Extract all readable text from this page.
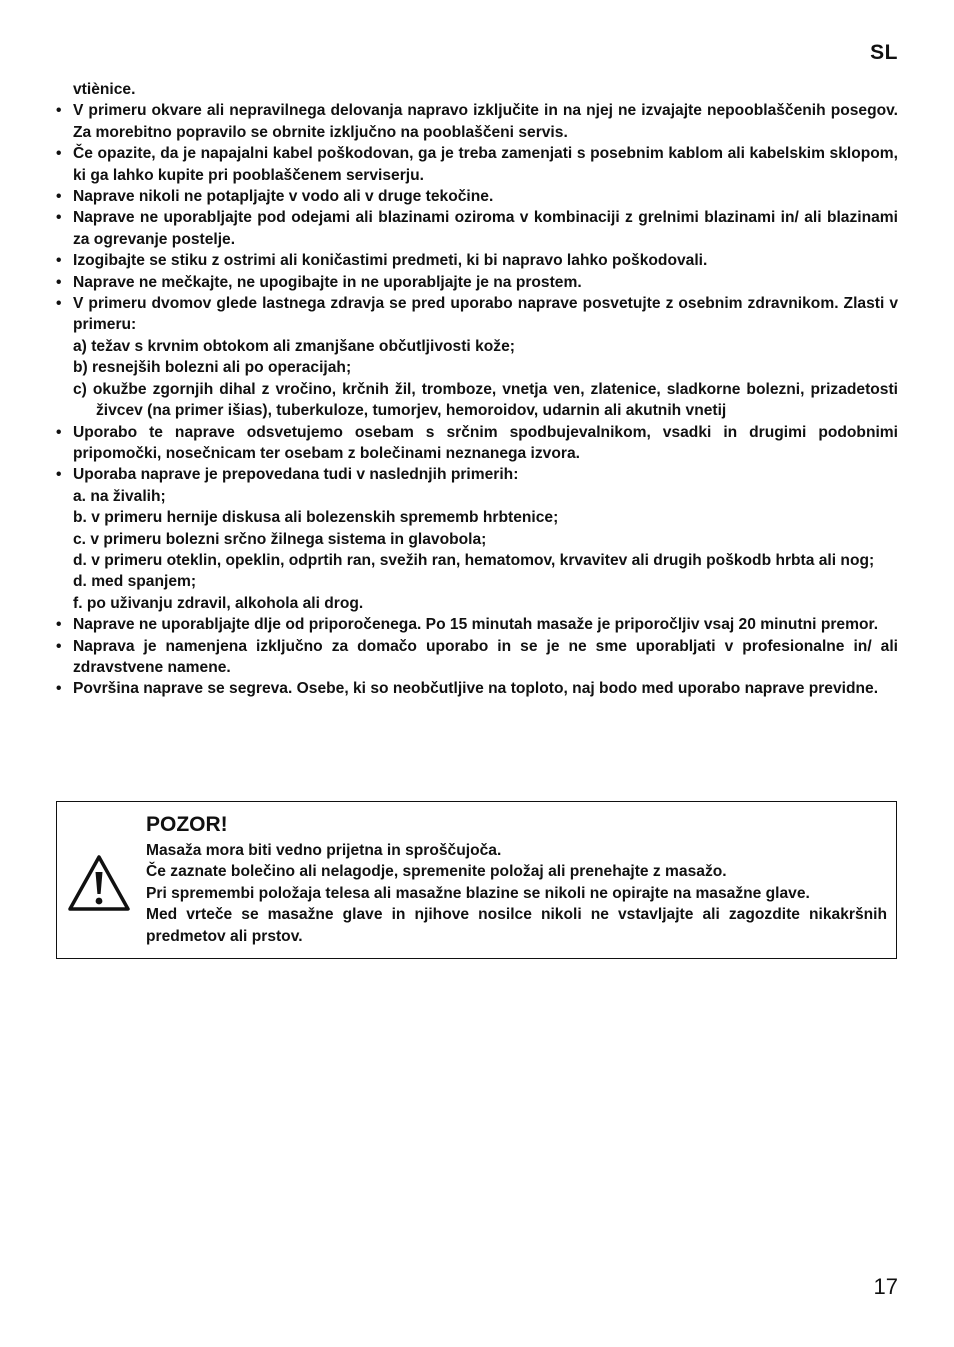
SL

vtiènice.

• V primeru okvare ali nepravilnega delovanja napravo izključite in na njej ne izvajajte nepooblaščenih posegov. Za morebitno popravilo se obrnite izključno na pooblaščeni servis.

• Če opazite, da je napajalni kabel poškodovan, ga je treba zamenjati s posebnim kablom ali kabelskim sklopom, ki ga lahko kupite pri pooblaščenem serviserju.

• Naprave nikoli ne potapljajte v vodo ali v druge tekočine.

• Naprave ne uporabljajte pod odejami ali blazinami oziroma v kombinaciji z grelnimi blazinami in/ ali blazinami za ogrevanje postelje.

• Izogibajte se stiku z ostrimi ali koničastimi predmeti, ki bi napravo lahko poškodovali.

• Naprave ne mečkajte, ne upogibajte in ne uporabljajte je na prostem.

• V primeru dvomov glede lastnega zdravja se pred uporabo naprave posvetujte z osebnim zdravnikom. Zlasti v primeru:

a) težav s krvnim obtokom ali zmanjšane občutljivosti kože;

b) resnejših bolezni ali po operacijah;

c) okužbe zgornjih dihal z vročino, krčnih žil, tromboze, vnetja ven, zlatenice, sladkorne bolezni, prizadetosti živcev (na primer išias), tuberkuloze, tumorjev, hemoroidov, udarnin ali akutnih vnetij

• Uporabo te naprave odsvetujemo osebam s srčnim spodbujevalnikom, vsadki in drugimi podobnimi pripomočki, nosečnicam ter osebam z bolečinami neznanega izvora.

• Uporaba naprave je prepovedana tudi v naslednjih primerih:

a. na živalih;

b. v primeru hernije diskusa ali bolezenskih sprememb hrbtenice;

c. v primeru bolezni srčno žilnega sistema in glavobola;

d. v primeru oteklin, opeklin, odprtih ran, svežih ran, hematomov, krvavitev ali drugih poškodb hrbta ali nog;

d. med spanjem;

f. po uživanju zdravil, alkohola ali drog.

• Naprave ne uporabljajte dlje od priporočenega. Po 15 minutah masaže je priporočljiv vsaj 20 minutni premor.

• Naprava je namenjena izključno za domačo uporabo in se je ne sme uporabljati v profesionalne in/ ali zdravstvene namene.

• Površina naprave se segreva. Osebe, ki so neobčutljive na toploto, naj bodo med uporabo naprave previdne.

POZOR!

Masaža mora biti vedno prijetna in sproščujoča.

Če zaznate bolečino ali nelagodje, spremenite položaj ali prenehajte z masažo.

Pri spremembi položaja telesa ali masažne blazine se nikoli ne opirajte na masažne glave.

Med vrteče se masažne glave in njihove nosilce nikoli ne vstavljajte ali zagozdite nikakršnih predmetov ali prstov.

17
